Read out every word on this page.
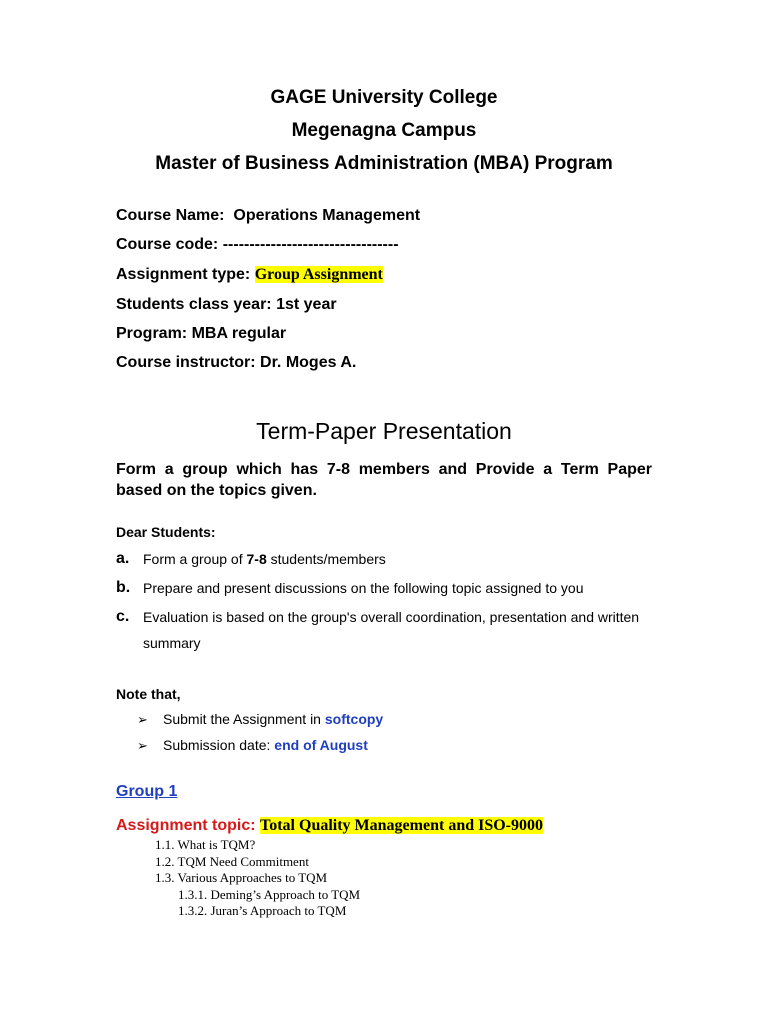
GAGE University College
Megenagna Campus
Master of Business Administration (MBA) Program
Course Name: Operations Management
Course code: ---------------------------------
Assignment type: Group Assignment
Students class year: 1st year
Program: MBA regular
Course instructor: Dr. Moges A.
Term-Paper Presentation
Form a group which has 7-8 members and Provide a Term Paper based on the topics given.
Dear Students:
a. Form a group of 7-8 students/members
b. Prepare and present discussions on the following topic assigned to you
c. Evaluation is based on the group's overall coordination, presentation and written summary
Note that,
➢ Submit the Assignment in softcopy
➢ Submission date: end of August
Group 1
Assignment topic: Total Quality Management and ISO-9000
1.1. What is TQM?
1.2. TQM Need Commitment
1.3. Various Approaches to TQM
1.3.1. Deming’s Approach to TQM
1.3.2. Juran’s Approach to TQM
